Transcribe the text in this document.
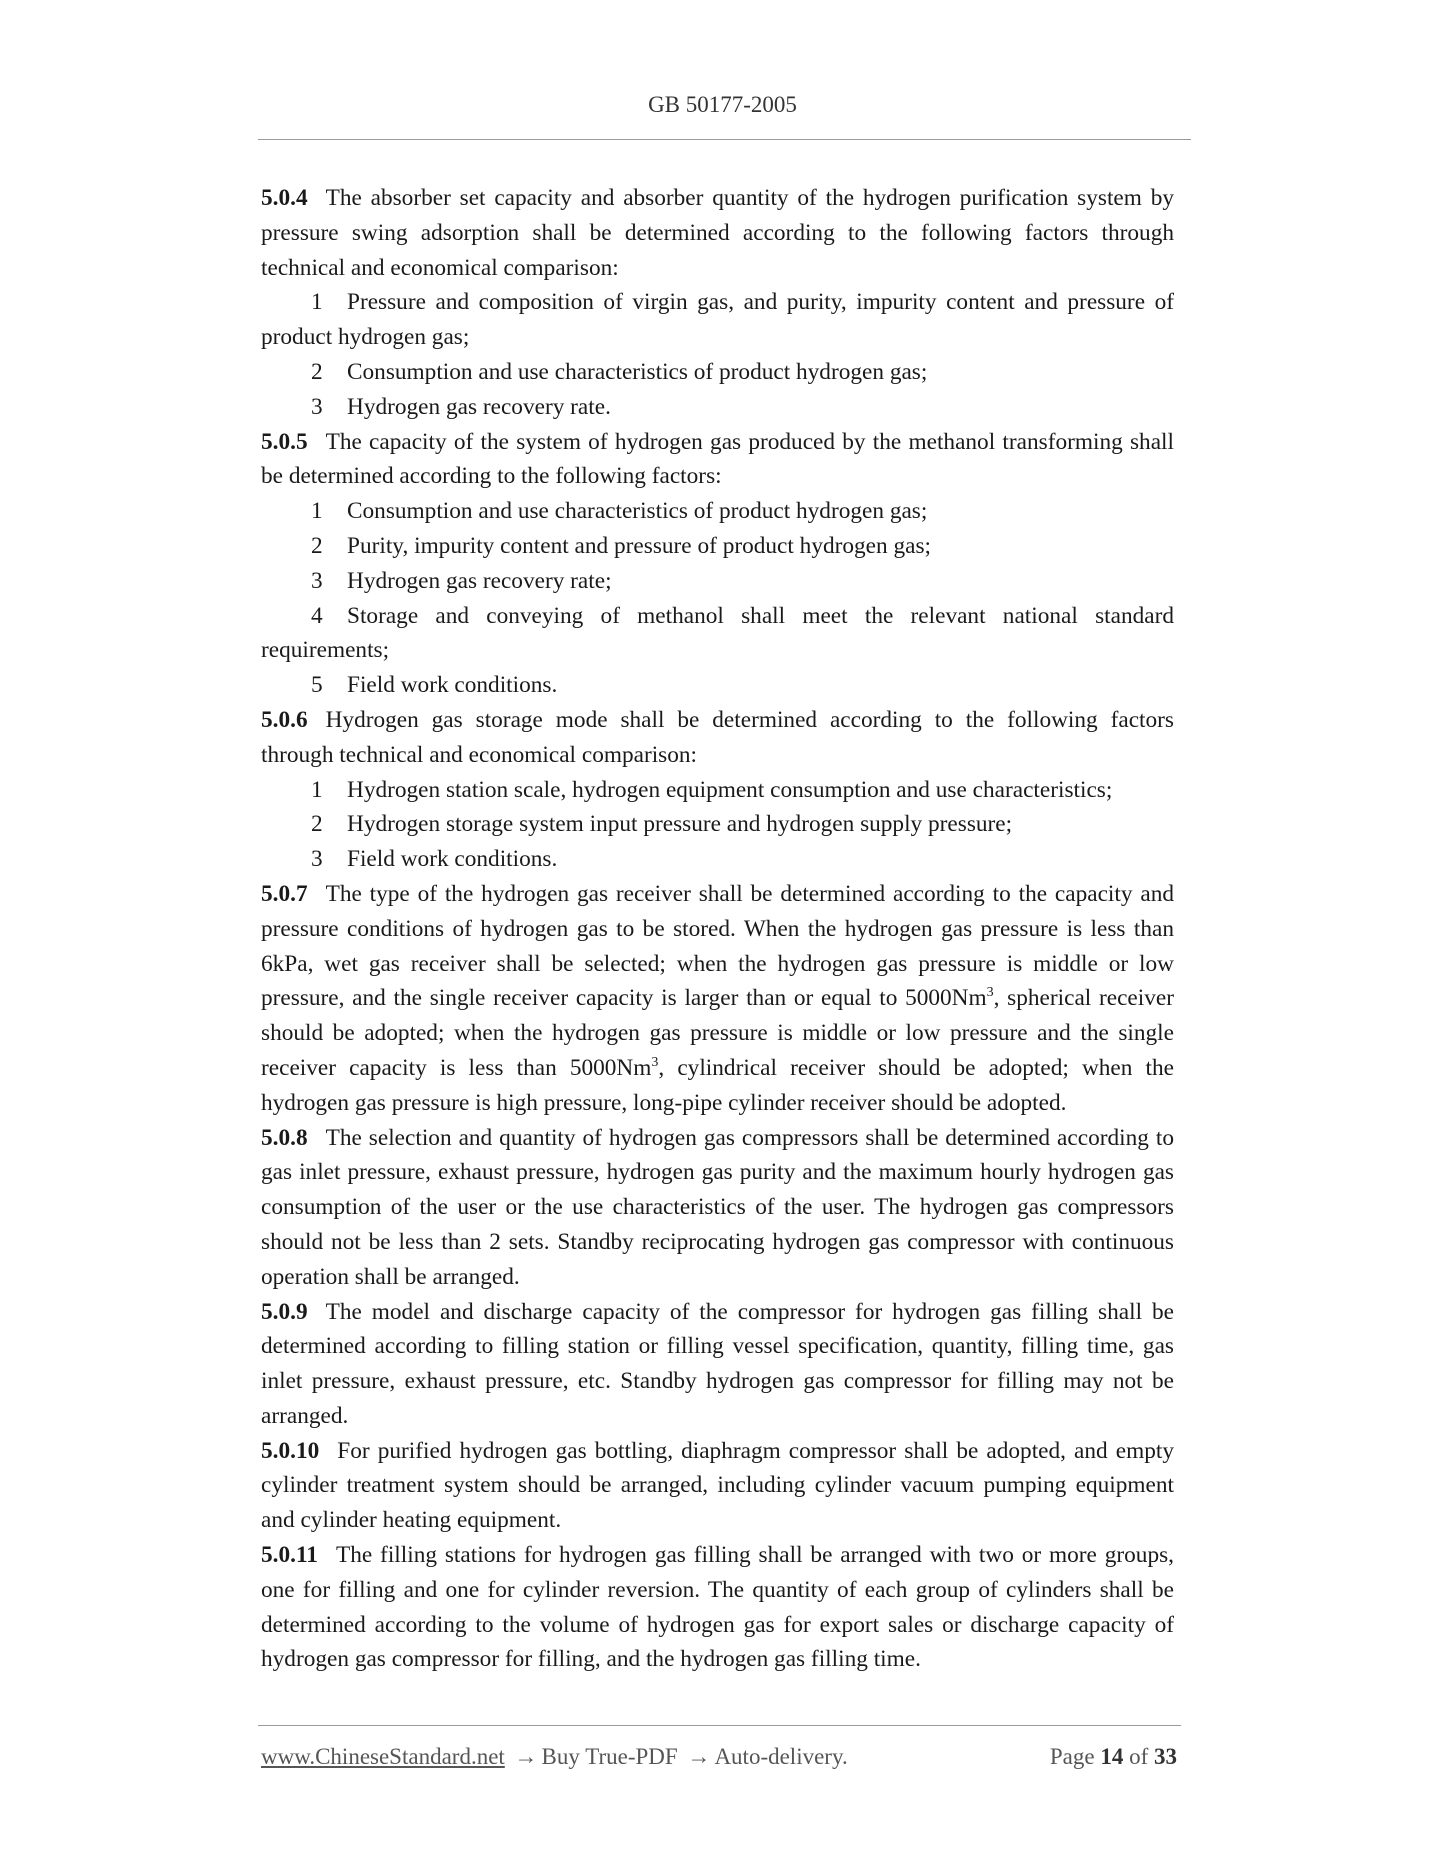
GB 50177-2005

5.0.4 The absorber set capacity and absorber quantity of the hydrogen purification system by pressure swing adsorption shall be determined according to the following factors through technical and economical comparison:

1 Pressure and composition of virgin gas, and purity, impurity content and pressure of product hydrogen gas;

2 Consumption and use characteristics of product hydrogen gas;

3 Hydrogen gas recovery rate.

5.0.5 The capacity of the system of hydrogen gas produced by the methanol transforming shall be determined according to the following factors:

1 Consumption and use characteristics of product hydrogen gas;

2 Purity, impurity content and pressure of product hydrogen gas;

3 Hydrogen gas recovery rate;

4 Storage and conveying of methanol shall meet the relevant national standard requirements;

5 Field work conditions.

5.0.6 Hydrogen gas storage mode shall be determined according to the following factors through technical and economical comparison:

1 Hydrogen station scale, hydrogen equipment consumption and use characteristics;

2 Hydrogen storage system input pressure and hydrogen supply pressure;

3 Field work conditions.

5.0.7 The type of the hydrogen gas receiver shall be determined according to the capacity and pressure conditions of hydrogen gas to be stored. When the hydrogen gas pressure is less than 6kPa, wet gas receiver shall be selected; when the hydrogen gas pressure is middle or low pressure, and the single receiver capacity is larger than or equal to 5000Nm$^3$, spherical receiver should be adopted; when the hydrogen gas pressure is middle or low pressure and the single receiver capacity is less than 5000Nm$^3$, cylindrical receiver should be adopted; when the hydrogen gas pressure is high pressure, long-pipe cylinder receiver should be adopted.

5.0.8 The selection and quantity of hydrogen gas compressors shall be determined according to gas inlet pressure, exhaust pressure, hydrogen gas purity and the maximum hourly hydrogen gas consumption of the user or the use characteristics of the user. The hydrogen gas compressors should not be less than 2 sets. Standby reciprocating hydrogen gas compressor with continuous operation shall be arranged.

5.0.9 The model and discharge capacity of the compressor for hydrogen gas filling shall be determined according to filling station or filling vessel specification, quantity, filling time, gas inlet pressure, exhaust pressure, etc. Standby hydrogen gas compressor for filling may not be arranged.

5.0.10 For purified hydrogen gas bottling, diaphragm compressor shall be adopted, and empty cylinder treatment system should be arranged, including cylinder vacuum pumping equipment and cylinder heating equipment.

5.0.11 The filling stations for hydrogen gas filling shall be arranged with two or more groups, one for filling and one for cylinder reversion. The quantity of each group of cylinders shall be determined according to the volume of hydrogen gas for export sales or discharge capacity of hydrogen gas compressor for filling, and the hydrogen gas filling time.

www.ChineseStandard.net → Buy True-PDF → Auto-delivery.	Page 14 of 33
